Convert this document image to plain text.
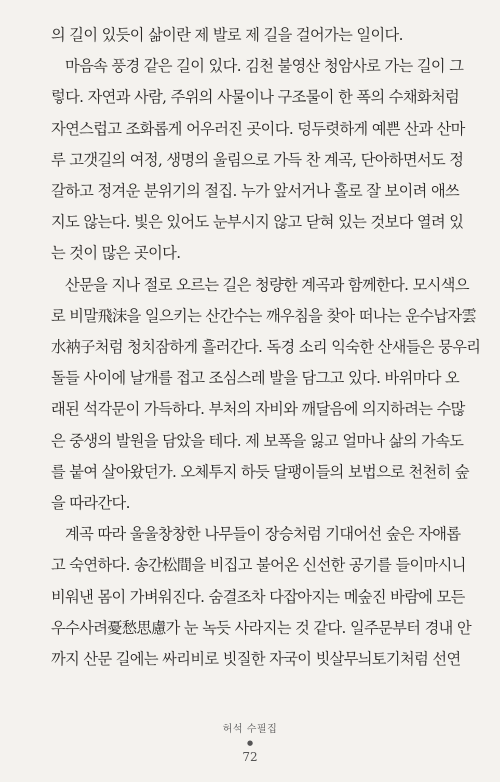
의 길이 있듯이 삶이란 제 발로 제 길을 걸어가는 일이다.
마음속 풍경 같은 길이 있다. 김천 불영산 청암사로 가는 길이 그
렇다. 자연과 사람, 주위의 사물이나 구조물이 한 폭의 수채화처럼
자연스럽고 조화롭게 어우러진 곳이다. 덩두렷하게 예쁜 산과 산마
루 고갯길의 여정, 생명의 울림으로 가득 찬 계곡, 단아하면서도 정
갈하고 정겨운 분위기의 절집. 누가 앞서거나 홀로 잘 보이려 애쓰
지도 않는다. 빛은 있어도 눈부시지 않고 닫혀 있는 것보다 열려 있
는 것이 많은 곳이다.
산문을 지나 절로 오르는 길은 청량한 계곡과 함께한다. 모시색으
로 비말飛沫을 일으키는 산간수는 깨우침을 찾아 떠나는 운수납자雲
水衲子처럼 청치잠하게 흘러간다. 독경 소리 익숙한 산새들은 뭉우리
돌들 사이에 날개를 접고 조심스레 발을 담그고 있다. 바위마다 오
래된 석각문이 가득하다. 부처의 자비와 깨달음에 의지하려는 수많
은 중생의 발원을 담았을 테다. 제 보폭을 잃고 얼마나 삶의 가속도
를 붙여 살아왔던가. 오체투지 하듯 달팽이들의 보법으로 천천히 숲
을 따라간다.
계곡 따라 울울창창한 나무들이 장승처럼 기대어선 숲은 자애롭
고 숙연하다. 송간松間을 비집고 불어온 신선한 공기를 들이마시니
비워낸 몸이 가벼워진다. 숨결조차 다잡아지는 메숲진 바람에 모든
우수사려憂愁思慮가 눈 녹듯 사라지는 것 같다. 일주문부터 경내 안
까지 산문 길에는 싸리비로 빗질한 자국이 빗살무늬토기처럼 선연
허석 수필집
●
72
